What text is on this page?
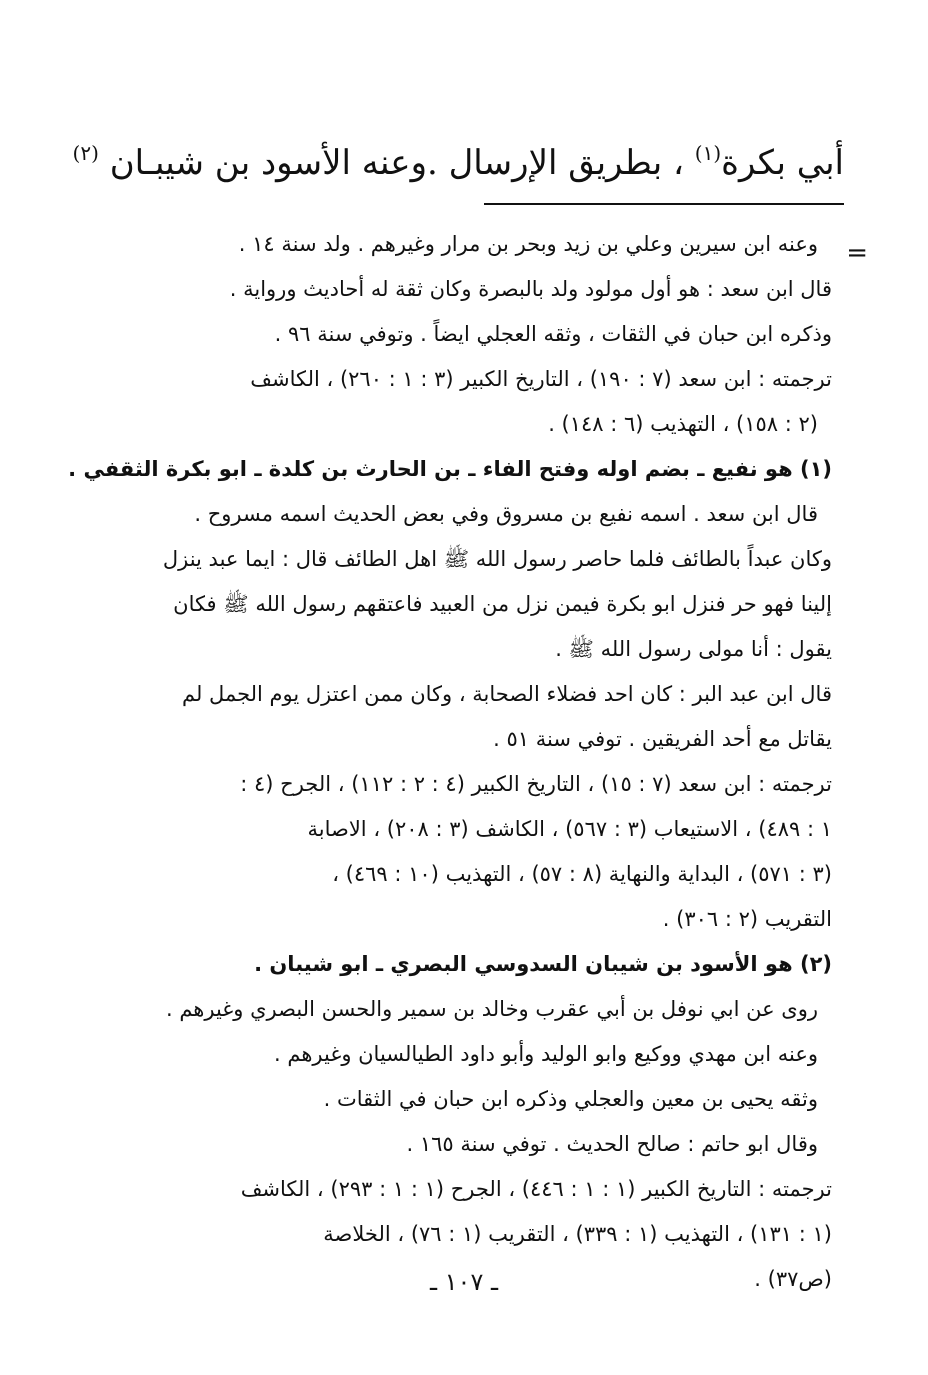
أبي بكرة$^{(١)}$ ، بطريق الإرسال .وعنه الأسود بن شيبـان $^{(٢)}$
=
وعنه ابن سيرين وعلي بن زيد وبحر بن مرار وغيرهم . ولد سنة ١٤ .
قال ابن سعد : هو أول مولود ولد بالبصرة وكان ثقة له أحاديث ورواية .
وذكره ابن حبان في الثقات ، وثقه العجلي ايضاً . وتوفي سنة ٩٦ .
ترجمته : ابن سعد (٧ : ١٩٠) ، التاريخ الكبير (٣ : ١ : ٢٦٠) ، الكاشف
(٢ : ١٥٨) ، التهذيب (٦ : ١٤٨) .
(١) هو نفيع ـ بضم اوله وفتح الفاء ـ بن الحارث بن كلدة ـ ابو بكرة الثقفي .
قال ابن سعد . اسمه نفيع بن مسروق وفي بعض الحديث اسمه مسروح .
وكان عبداً بالطائف فلما حاصر رسول الله ﷺ اهل الطائف قال : ايما عبد ينزل
إلينا فهو حر فنزل ابو بكرة فيمن نزل من العبيد فاعتقهم رسول الله ﷺ فكان
يقول : أنا مولى رسول الله ﷺ .
قال ابن عبد البر : كان احد فضلاء الصحابة ، وكان ممن اعتزل يوم الجمل لم
يقاتل مع أحد الفريقين . توفي سنة ٥١ .
ترجمته : ابن سعد (٧ : ١٥) ، التاريخ الكبير (٤ : ٢ : ١١٢) ، الجرح (٤ :
١ : ٤٨٩) ، الاستيعاب (٣ : ٥٦٧) ، الكاشف (٣ : ٢٠٨) ، الاصابة
(٣ : ٥٧١) ، البداية والنهاية (٨ : ٥٧) ، التهذيب (١٠ : ٤٦٩) ،
التقريب (٢ : ٣٠٦) .
(٢) هو الأسود بن شيبان السدوسي البصري ـ ابو شيبان .
روى عن ابي نوفل بن أبي عقرب وخالد بن سمير والحسن البصري وغيرهم .
وعنه ابن مهدي ووكيع وابو الوليد وأبو داود الطيالسيان وغيرهم .
وثقه يحيى بن معين والعجلي وذكره ابن حبان في الثقات .
وقال ابو حاتم : صالح الحديث . توفي سنة ١٦٥ .
ترجمته : التاريخ الكبير (١ : ١ : ٤٤٦) ، الجرح (١ : ١ : ٢٩٣) ، الكاشف
(١ : ١٣١) ، التهذيب (١ : ٣٣٩) ، التقريب (١ : ٧٦) ، الخلاصة
(ص٣٧) .
ـ ١٠٧ ـ
